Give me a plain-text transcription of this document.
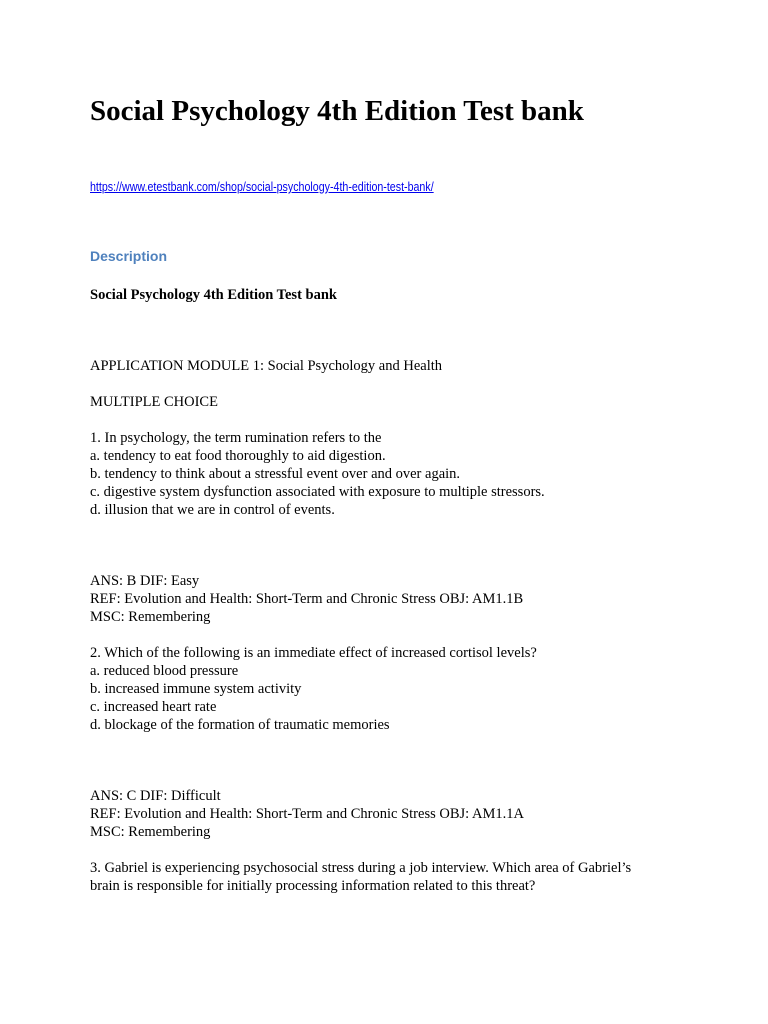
Social Psychology 4th Edition Test bank
https://www.etestbank.com/shop/social-psychology-4th-edition-test-bank/
Description
Social Psychology 4th Edition Test bank
APPLICATION MODULE 1: Social Psychology and Health
MULTIPLE CHOICE
1. In psychology, the term rumination refers to the
a. tendency to eat food thoroughly to aid digestion.
b. tendency to think about a stressful event over and over again.
c. digestive system dysfunction associated with exposure to multiple stressors.
d. illusion that we are in control of events.
ANS: B DIF: Easy
REF: Evolution and Health: Short-Term and Chronic Stress OBJ: AM1.1B
MSC: Remembering
2. Which of the following is an immediate effect of increased cortisol levels?
a. reduced blood pressure
b. increased immune system activity
c. increased heart rate
d. blockage of the formation of traumatic memories
ANS: C DIF: Difficult
REF: Evolution and Health: Short-Term and Chronic Stress OBJ: AM1.1A
MSC: Remembering
3. Gabriel is experiencing psychosocial stress during a job interview. Which area of Gabriel’s
brain is responsible for initially processing information related to this threat?
